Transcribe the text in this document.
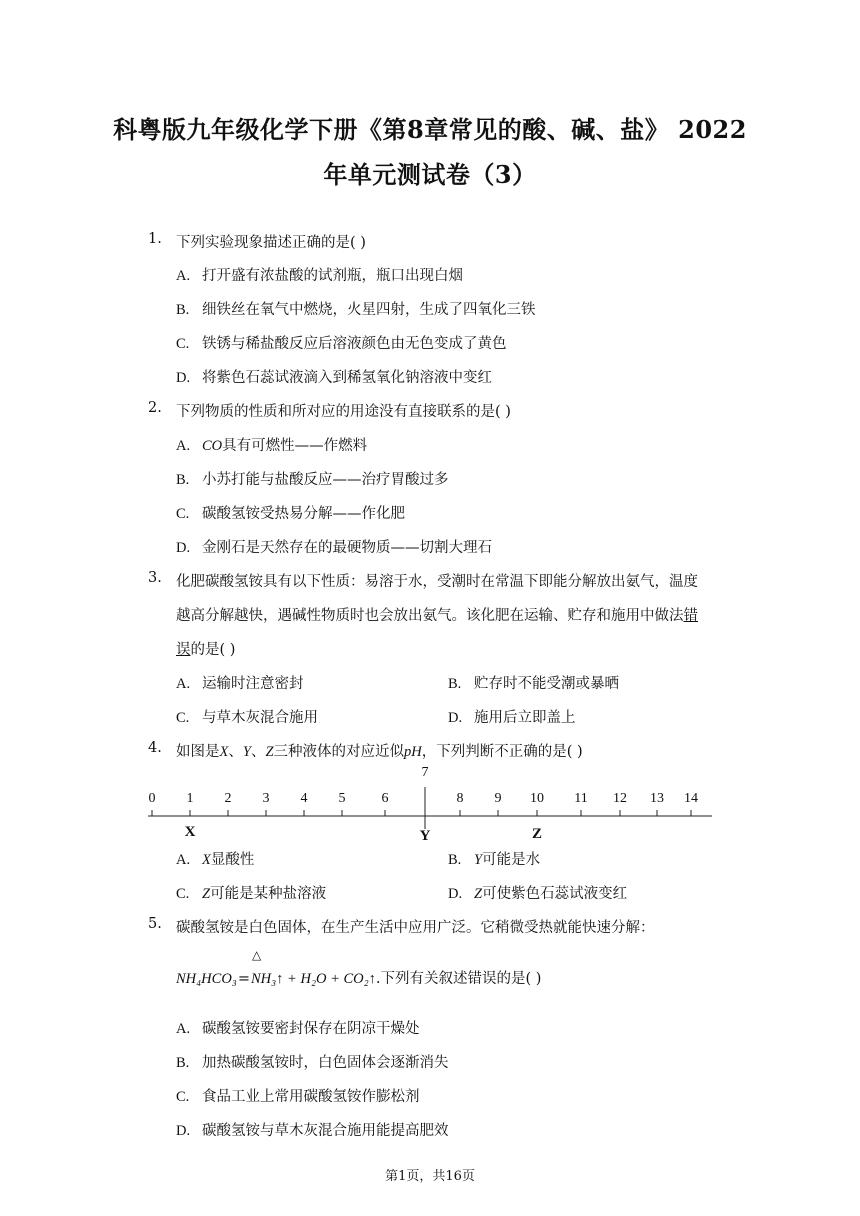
科粤版九年级化学下册《第8章常见的酸、碱、盐》 2022
年单元测试卷（3）
1. 下列实验现象描述正确的是( )
A. 打开盛有浓盐酸的试剂瓶，瓶口出现白烟
B. 细铁丝在氧气中燃烧，火星四射，生成了四氧化三铁
C. 铁锈与稀盐酸反应后溶液颜色由无色变成了黄色
D. 将紫色石蕊试液滴入到稀氢氧化钠溶液中变红
2. 下列物质的性质和所对应的用途没有直接联系的是( )
A. CO具有可燃性——作燃料
B. 小苏打能与盐酸反应——治疗胃酸过多
C. 碳酸氢铵受热易分解——作化肥
D. 金刚石是天然存在的最硬物质——切割大理石
3. 化肥碳酸氢铵具有以下性质：易溶于水，受潮时在常温下即能分解放出氨气，温度
越高分解越快，遇碱性物质时也会放出氨气。该化肥在运输、贮存和施用中做法错
误的是( )
A. 运输时注意密封	B. 贮存时不能受潮或暴晒
C. 与草木灰混合施用	D. 施用后立即盖上
4. 如图是X、Y、Z三种液体的对应近似pH，下列判断不正确的是( )
0 1 2 3 4 5	6
7
8 9 10 11 12 13 14
X	Y	Z
A. X显酸性	B. Y可能是水
C. Z可能是某种盐溶液	D. Z可使紫色石蕊试液变红
5. 碳酸氢铵是白色固体，在生产生活中应用广泛。它稍微受热就能快速分解：
△
NH₄HCO₃=NH₃↑ + H₂O + CO₂↑.下列有关叙述错误的是( )
A. 碳酸氢铵要密封保存在阴凉干燥处
B. 加热碳酸氢铵时，白色固体会逐渐消失
C. 食品工业上常用碳酸氢铵作膨松剂
D. 碳酸氢铵与草木灰混合施用能提高肥效
第1页，共16页
